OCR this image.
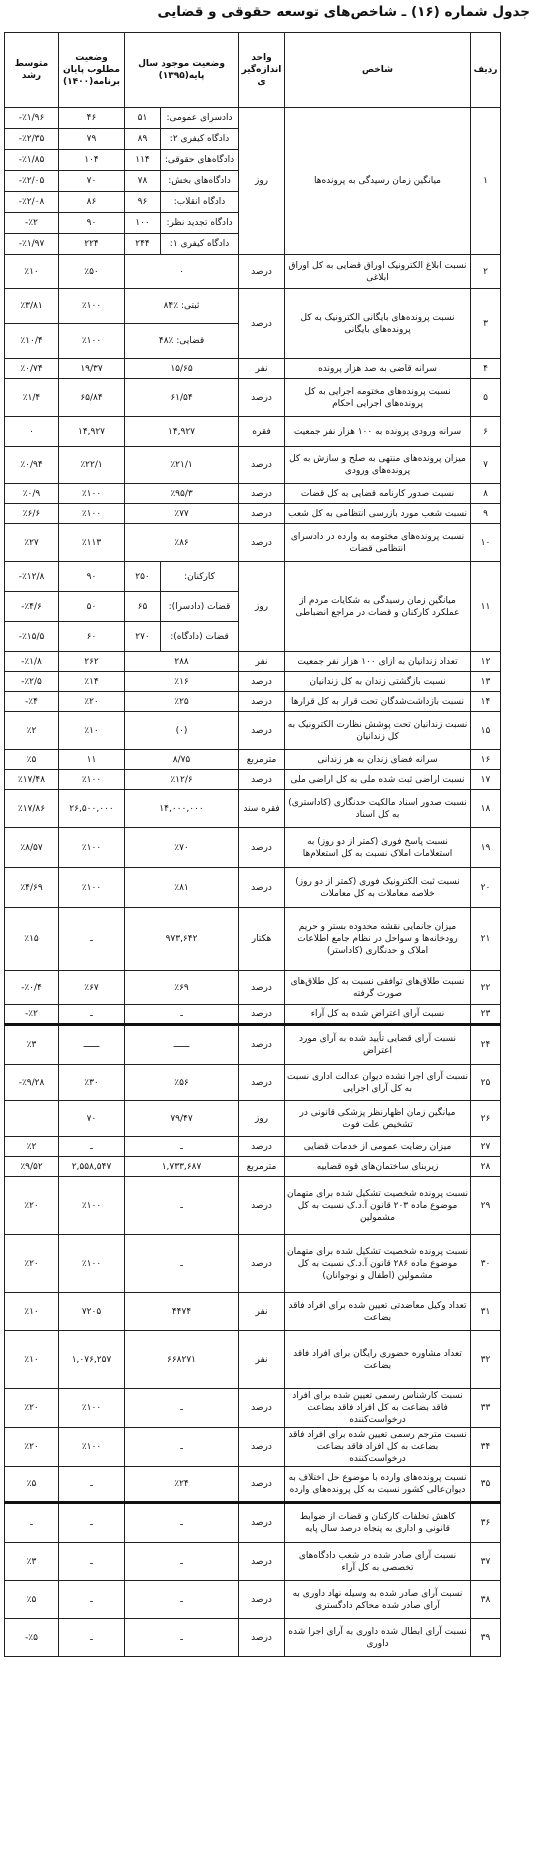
جدول شماره (۱۶) ـ شاخص‌های توسعه حقوقی و قضایی
ردیف	شاخص	واحد اندازه‌گیری	وضعیت موجود سال پایه(۱۳۹۵)		وضعیت مطلوب پایان برنامه(۱۴۰۰)	متوسط رشد
۱	میانگین زمان رسیدگی به پرونده‌ها	روز	دادسرای عمومی:	۵۱	۴۶	٪۱/۹۶-
			دادگاه کیفری ۲:	۸۹	۷۹	٪۲/۳۵-
			دادگاه‌های حقوقی:	۱۱۴	۱۰۴	٪۱/۸۵-
			دادگاه‌های بخش:	۷۸	۷۰	٪۲/۰۵-
			دادگاه انقلاب:	۹۶	۸۶	٪۲/۰۸-
			دادگاه تجدید نظر:	۱۰۰	۹۰	٪۲-
			دادگاه کیفری ۱:	۲۴۴	۲۲۴	٪۱/۹۷-
۲	نسبت ابلاغ الکترونیک اوراق قضایی به کل اوراق ابلاغی	درصد	۰		٪۵۰	٪۱۰
۳	نسبت پرونده‌های بایگانی الکترونیک به کل پرونده‌های بایگانی	درصد	ثبتی: ٪۸۴		٪۱۰۰	٪۳/۸۱
			قضایی: ٪۴۸		٪۱۰۰	٪۱۰/۴
۴	سرانه قاضی به صد هزار پرونده	نفر	۱۵/۶۵		۱۹/۳۷	٪۰/۷۴
۵	نسبت پرونده‌های مختومه اجرایی به کل پرونده‌های اجرایی احکام	درصد	۶۱/۵۴		۶۵/۸۴	٪۱/۴
۶	سرانه ورودی پرونده به ۱۰۰ هزار نفر جمعیت	فقره	۱۴,۹۲۷		۱۴,۹۲۷	۰
۷	میزان پرونده‌های منتهی به صلح و سازش به کل پرونده‌های ورودی	درصد	٪۲۱/۱		٪۲۲/۱	٪۰/۹۴
۸	نسبت صدور کارنامه قضایی به کل قضات	درصد	٪۹۵/۳		٪۱۰۰	٪۰/۹
۹	نسبت شعب مورد بازرسی انتظامی به کل شعب	درصد	٪۷۷		٪۱۰۰	٪۶/۶
۱۰	نسبت پرونده‌های مختومه به وارده در دادسرای انتظامی قضات	درصد	٪۸۶		٪۱۱۳	٪۲۷
۱۱	میانگین زمان رسیدگی به شکایات مردم از عملکرد کارکنان و قضات در مراجع انضباطی	روز	کارکنان:	۲۵۰	۹۰	٪۱۲/۸-
			قضات (دادسرا):	۶۵	۵۰	٪۴/۶-
			قضات (دادگاه):	۲۷۰	۶۰	٪۱۵/۵-
۱۲	تعداد زندانیان به ازای ۱۰۰ هزار نفر جمعیت	نفر	۲۸۸		۲۶۲	٪۱/۸-
۱۳	نسبت بازگشتی زندان به کل زندانیان	درصد	٪۱۶		٪۱۴	٪۲/۵-
۱۴	نسبت بازداشت‌شدگان تحت قرار به کل قرارها	درصد	٪۲۵		٪۲۰	٪۴-
۱۵	نسبت زندانیان تحت پوشش نظارت الکترونیک به کل زندانیان	درصد	(۰)		٪۱۰	٪۲
۱۶	سرانه فضای زندان به هر زندانی	مترمربع	۸/۷۵		۱۱	٪۵
۱۷	نسبت اراضی ثبت شده ملی به کل اراضی ملی	درصد	٪۱۲/۶		٪۱۰۰	٪۱۷/۴۸
۱۸	نسبت صدور اسناد مالکیت حدنگاری (کاداستری) به کل اسناد	فقره سند	۱۴,۰۰۰,۰۰۰		۲۶,۵۰۰,۰۰۰	٪۱۷/۸۶
۱۹	نسبت پاسخ فوری (کمتر از دو روز) به استعلامات املاک نسبت به کل استعلام‌ها	درصد	٪۷۰		٪۱۰۰	٪۸/۵۷
۲۰	نسبت ثبت الکترونیک فوری (کمتر از دو روز) خلاصه معاملات به کل معاملات	درصد	٪۸۱		٪۱۰۰	٪۴/۶۹
۲۱	میزان جانمایی نقشه محدوده بستر و حریم رودخانه‌ها و سواحل در نظام جامع اطلاعات املاک و حدنگاری (کاداستر)	هکتار	۹۷۳,۶۴۲		ـ	٪۱۵
۲۲	نسبت طلاق‌های توافقی نسبت به کل طلاق‌های صورت گرفته	درصد	٪۶۹		٪۶۷	٪۰/۴-
۲۳	نسبت آرای اعتراض شده به کل آراء	درصد	ـ		ـ	٪۲-
۲۴	نسبت آرای قضایی تأیید شده به آرای مورد اعتراض	درصد	ــــــ		ــــــ	٪۳
۲۵	نسبت آرای اجرا نشده دیوان عدالت اداری نسبت به کل آرای اجرایی	درصد	٪۵۶		٪۳۰	٪۹/۲۸-
۲۶	میانگین زمان اظهارنظر پزشکی قانونی در تشخیص علت فوت	روز	۷۹/۴۷		۷۰	
۲۷	میزان رضایت عمومی از خدمات قضایی	درصد	ـ		ـ	٪۲
۲۸	زیربنای ساختمان‌های قوه قضاییه	مترمربع	۱,۷۳۳,۶۸۷		۲,۵۵۸,۵۴۷	٪۹/۵۲
۲۹	نسبت پرونده شخصیت تشکیل شده برای متهمان موضوع ماده ۲۰۳ قانون آ.د.ک نسبت به کل مشمولین	درصد	ـ		٪۱۰۰	٪۲۰
۳۰	نسبت پرونده شخصیت تشکیل شده برای متهمان موضوع ماده ۲۸۶ قانون آ.د.ک نسبت به کل مشمولین (اطفال و نوجوانان)	درصد	ـ		٪۱۰۰	٪۲۰
۳۱	تعداد وکیل معاضدتی تعیین شده برای افراد فاقد بضاعت	نفر	۴۴۷۴		۷۲۰۵	٪۱۰
۳۲	تعداد مشاوره حضوری رایگان برای افراد فاقد بضاعت	نفر	۶۶۸۲۷۱		۱,۰۷۶,۲۵۷	٪۱۰
۳۳	نسبت کارشناس رسمی تعیین شده برای افراد فاقد بضاعت به کل افراد فاقد بضاعت درخواست‌کننده	درصد	ـ		٪۱۰۰	٪۲۰
۳۴	نسبت مترجم رسمی تعیین شده برای افراد فاقد بضاعت به کل افراد فاقد بضاعت درخواست‌کننده	درصد	ـ		٪۱۰۰	٪۲۰
۳۵	نسبت پرونده‌های وارده با موضوع حل اختلاف به دیوان‌عالی کشور نسبت به کل پرونده‌های وارده	درصد	٪۲۴		ـ	٪۵
۳۶	کاهش تخلفات کارکنان و قضات از ضوابط قانونی و اداری به پنجاه درصد سال پایه	درصد	ـ		ـ	ـ
۳۷	نسبت آرای صادر شده در شعب دادگاه‌های تخصصی به کل آراء	درصد	ـ		ـ	٪۳
۳۸	نسبت آرای صادر شده به وسیله نهاد داوری به آرای صادر شده محاکم دادگستری	درصد	ـ		ـ	٪۵
۳۹	نسبت آرای ابطال شده داوری به آرای اجرا شده داوری	درصد	ـ		ـ	٪۵-
